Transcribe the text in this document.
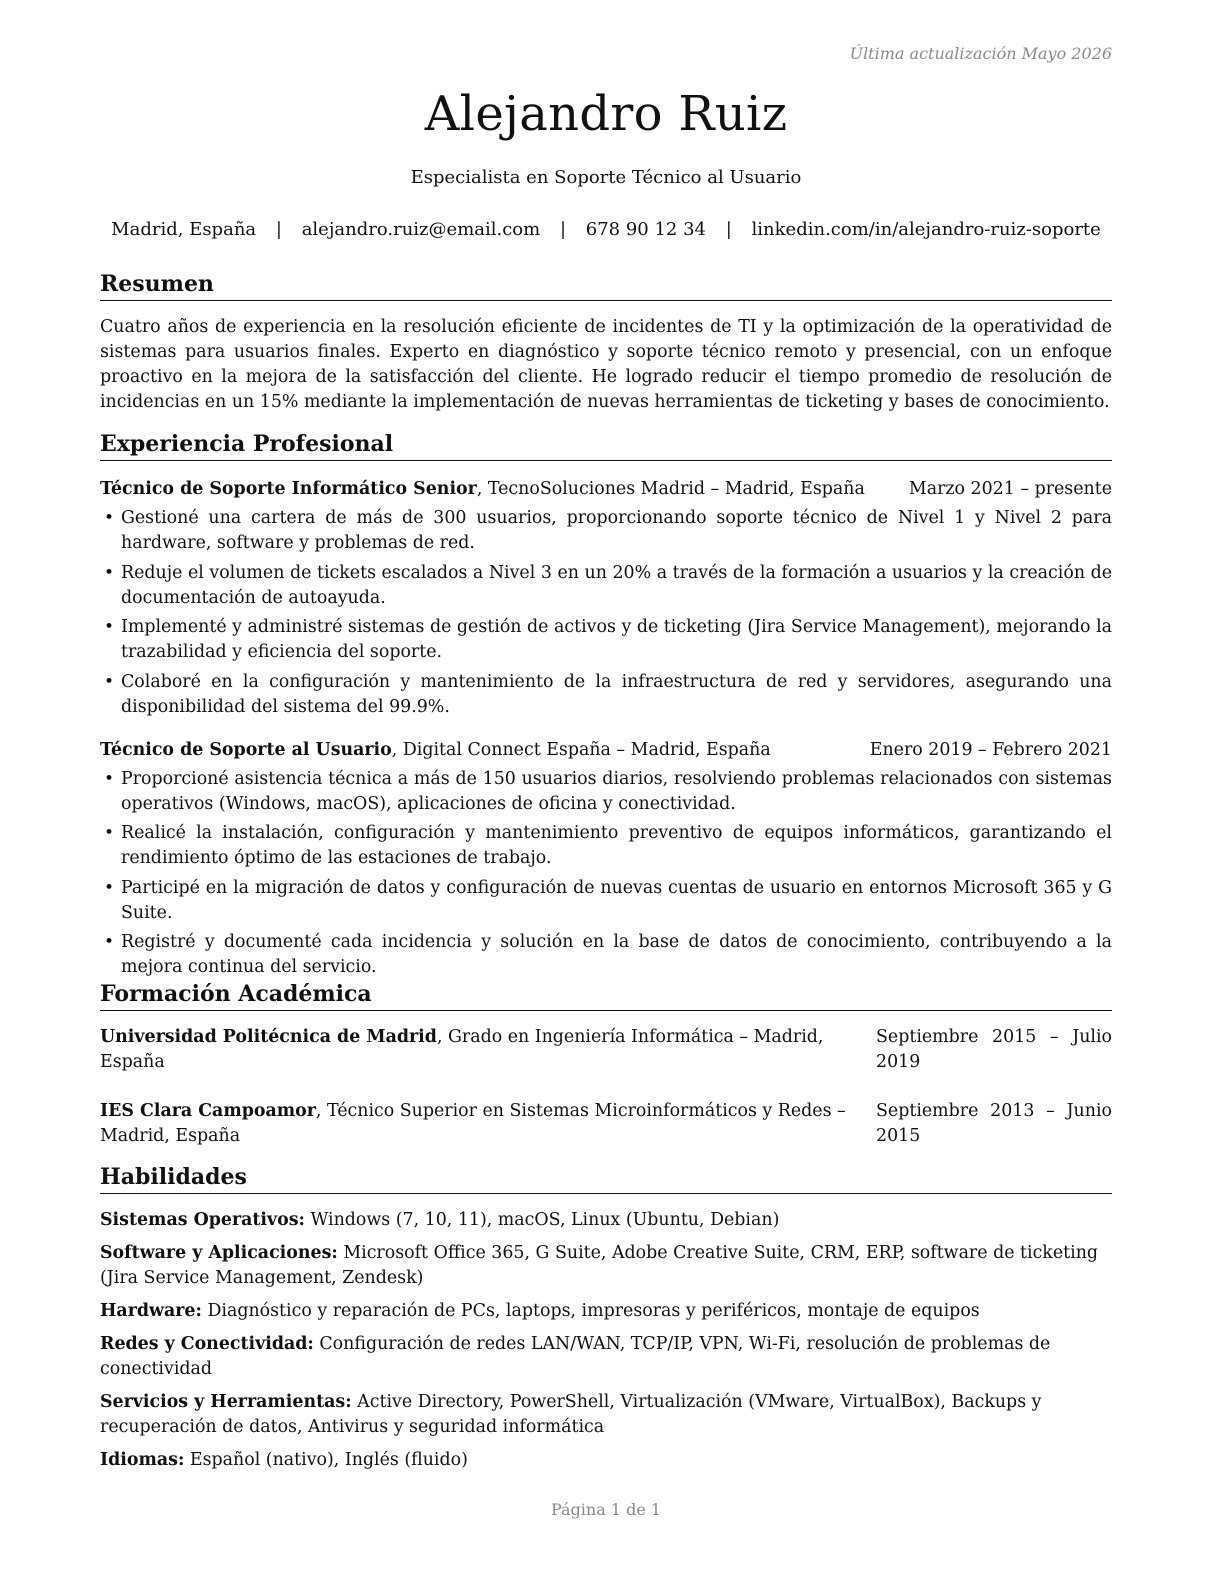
Última actualización Mayo 2026
Alejandro Ruiz
Especialista en Soporte Técnico al Usuario
Madrid, España | alejandro.ruiz@email.com | 678 90 12 34 | linkedin.com/in/alejandro-ruiz-soporte
Resumen
Cuatro años de experiencia en la resolución eficiente de incidentes de TI y la optimización de la operatividad de sistemas para usuarios finales. Experto en diagnóstico y soporte técnico remoto y presencial, con un enfoque proactivo en la mejora de la satisfacción del cliente. He logrado reducir el tiempo promedio de resolución de incidencias en un 15% mediante la implementación de nuevas herramientas de ticketing y bases de conocimiento.
Experiencia Profesional
Técnico de Soporte Informático Senior, TecnoSoluciones Madrid – Madrid, España	Marzo 2021 – presente
• Gestioné una cartera de más de 300 usuarios, proporcionando soporte técnico de Nivel 1 y Nivel 2 para hardware, software y problemas de red.
• Reduje el volumen de tickets escalados a Nivel 3 en un 20% a través de la formación a usuarios y la creación de documentación de autoayuda.
• Implementé y administré sistemas de gestión de activos y de ticketing (Jira Service Management), mejorando la trazabilidad y eficiencia del soporte.
• Colaboré en la configuración y mantenimiento de la infraestructura de red y servidores, asegurando una disponibilidad del sistema del 99.9%.
Técnico de Soporte al Usuario, Digital Connect España – Madrid, España	Enero 2019 – Febrero 2021
• Proporcioné asistencia técnica a más de 150 usuarios diarios, resolviendo problemas relacionados con sistemas operativos (Windows, macOS), aplicaciones de oficina y conectividad.
• Realicé la instalación, configuración y mantenimiento preventivo de equipos informáticos, garantizando el rendimiento óptimo de las estaciones de trabajo.
• Participé en la migración de datos y configuración de nuevas cuentas de usuario en entornos Microsoft 365 y G Suite.
• Registré y documenté cada incidencia y solución en la base de datos de conocimiento, contribuyendo a la mejora continua del servicio.
Formación Académica
Universidad Politécnica de Madrid, Grado en Ingeniería Informática – Madrid, España
Septiembre 2015 – Julio 2019
IES Clara Campoamor, Técnico Superior en Sistemas Microinformáticos y Redes – Madrid, España
Septiembre 2013 – Junio 2015
Habilidades
Sistemas Operativos: Windows (7, 10, 11), macOS, Linux (Ubuntu, Debian)
Software y Aplicaciones: Microsoft Office 365, G Suite, Adobe Creative Suite, CRM, ERP, software de ticketing (Jira Service Management, Zendesk)
Hardware: Diagnóstico y reparación de PCs, laptops, impresoras y periféricos, montaje de equipos
Redes y Conectividad: Configuración de redes LAN/WAN, TCP/IP, VPN, Wi-Fi, resolución de problemas de conectividad
Servicios y Herramientas: Active Directory, PowerShell, Virtualización (VMware, VirtualBox), Backups y recuperación de datos, Antivirus y seguridad informática
Idiomas: Español (nativo), Inglés (fluido)
Página 1 de 1
